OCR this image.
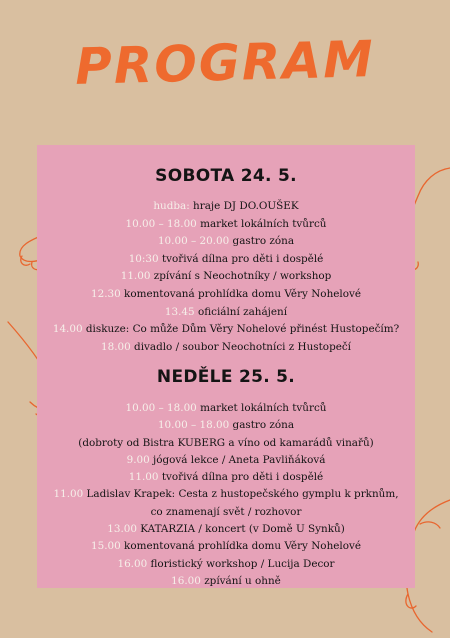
PROGRAM
SOBOTA 24. 5.
hudba: hraje DJ DO.OUŠEK
10.00 – 18.00 market lokálních tvůrců
10.00 – 20.00 gastro zóna
10:30 tvořivá dílna pro děti i dospělé
11.00 zpívání s Neochotníky / workshop
12.30 komentovaná prohlídka domu Věry Nohelové
13.45 oficiální zahájení
14.00 diskuze: Co může Dům Věry Nohelové přinést Hustopečím?
18.00 divadlo / soubor Neochotníci z Hustopečí
NEDĚLE 25. 5.
10.00 – 18.00 market lokálních tvůrců
10.00 – 18.00 gastro zóna
(dobroty od Bistra KUBERG a víno od kamarádů vinařů)
9.00 jógová lekce / Aneta Pavliňáková
11.00 tvořivá dílna pro děti i dospělé
11.00 Ladislav Krapek: Cesta z hustopečského gymplu k prknům,
co znamenají svět / rozhovor
13.00 KATARZIA / koncert (v Domě U Synků)
15.00 komentovaná prohlídka domu Věry Nohelové
16.00 floristický workshop / Lucija Decor
16.00 zpívání u ohně
